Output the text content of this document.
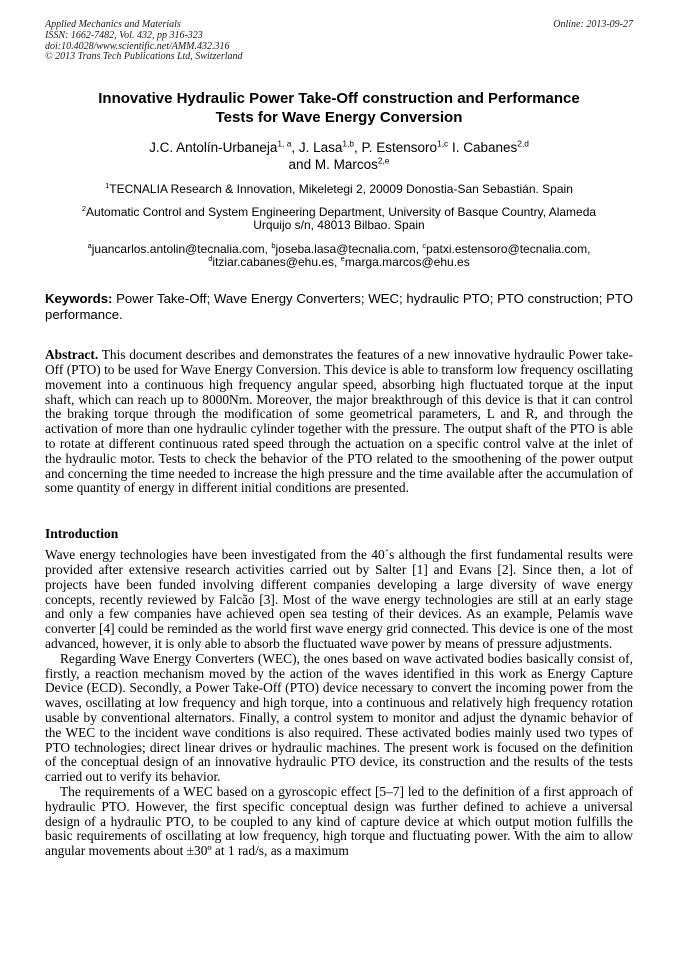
Applied Mechanics and Materials
ISSN: 1662-7482, Vol. 432, pp 316-323
doi:10.4028/www.scientific.net/AMM.432.316
© 2013 Trans Tech Publications Ltd, Switzerland
Online: 2013-09-27
Innovative Hydraulic Power Take-Off construction and Performance Tests for Wave Energy Conversion

J.C. Antolín-Urbaneja$^{1, a}$, J. Lasa$^{1,b}$, P. Estensoro$^{1,c}$ I. Cabanes$^{2,d}$
and M. Marcos$^{2,e}$

$^1$TECNALIA Research & Innovation, Mikeletegi 2, 20009 Donostia-San Sebastián. Spain

$^2$Automatic Control and System Engineering Department, University of Basque Country, Alameda
Urquijo s/n, 48013 Bilbao. Spain

$^a$juancarlos.antolin@tecnalia.com, $^b$joseba.lasa@tecnalia.com, $^c$patxi.estensoro@tecnalia.com,
$^d$itziar.cabanes@ehu.es, $^e$marga.marcos@ehu.es

Keywords: Power Take-Off; Wave Energy Converters; WEC; hydraulic PTO; PTO construction; PTO performance.

Abstract. This document describes and demonstrates the features of a new innovative hydraulic Power take-Off (PTO) to be used for Wave Energy Conversion. This device is able to transform low frequency oscillating movement into a continuous high frequency angular speed, absorbing high fluctuated torque at the input shaft, which can reach up to 8000Nm. Moreover, the major breakthrough of this device is that it can control the braking torque through the modification of some geometrical parameters, L and R, and through the activation of more than one hydraulic cylinder together with the pressure. The output shaft of the PTO is able to rotate at different continuous rated speed through the actuation on a specific control valve at the inlet of the hydraulic motor. Tests to check the behavior of the PTO related to the smoothening of the power output and concerning the time needed to increase the high pressure and the time available after the accumulation of some quantity of energy in different initial conditions are presented.

Introduction

Wave energy technologies have been investigated from the 40´s although the first fundamental results were provided after extensive research activities carried out by Salter [1] and Evans [2]. Since then, a lot of projects have been funded involving different companies developing a large diversity of wave energy concepts, recently reviewed by Falcão [3]. Most of the wave energy technologies are still at an early stage and only a few companies have achieved open sea testing of their devices. As an example, Pelamis wave converter [4] could be reminded as the world first wave energy grid connected. This device is one of the most advanced, however, it is only able to absorb the fluctuated wave power by means of pressure adjustments.

Regarding Wave Energy Converters (WEC), the ones based on wave activated bodies basically consist of, firstly, a reaction mechanism moved by the action of the waves identified in this work as Energy Capture Device (ECD). Secondly, a Power Take-Off (PTO) device necessary to convert the incoming power from the waves, oscillating at low frequency and high torque, into a continuous and relatively high frequency rotation usable by conventional alternators. Finally, a control system to monitor and adjust the dynamic behavior of the WEC to the incident wave conditions is also required. These activated bodies mainly used two types of PTO technologies; direct linear drives or hydraulic machines. The present work is focused on the definition of the conceptual design of an innovative hydraulic PTO device, its construction and the results of the tests carried out to verify its behavior.

The requirements of a WEC based on a gyroscopic effect [5–7] led to the definition of a first approach of hydraulic PTO. However, the first specific conceptual design was further defined to achieve a universal design of a hydraulic PTO, to be coupled to any kind of capture device at which output motion fulfills the basic requirements of oscillating at low frequency, high torque and fluctuating power. With the aim to allow angular movements about ±30º at 1 rad/s, as a maximum
